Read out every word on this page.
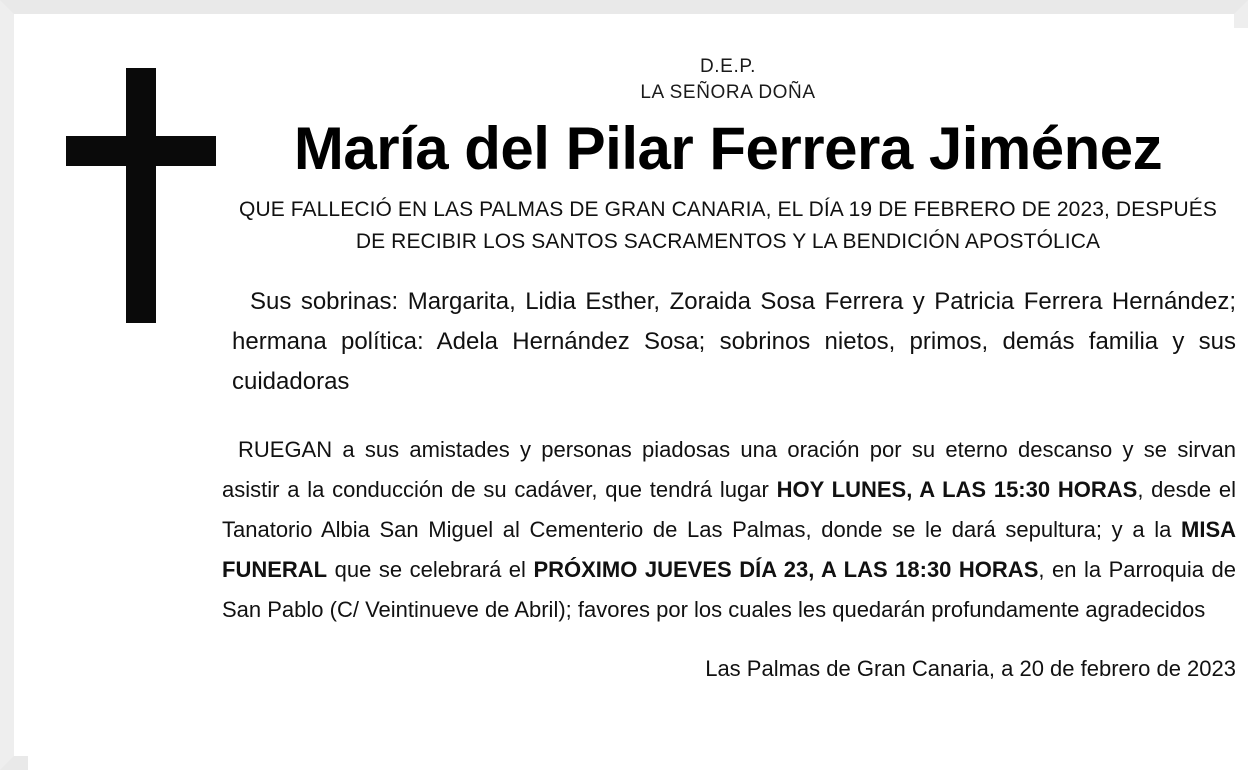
D.E.P.
LA SEÑORA DOÑA
María del Pilar Ferrera Jiménez
QUE FALLECIÓ EN LAS PALMAS DE GRAN CANARIA, EL DÍA 19 DE FEBRERO DE 2023, DESPUÉS DE RECIBIR LOS SANTOS SACRAMENTOS Y LA BENDICIÓN APOSTÓLICA
Sus sobrinas: Margarita, Lidia Esther, Zoraida Sosa Ferrera y Patricia Ferrera Hernández; hermana política: Adela Hernández Sosa; sobrinos nietos, primos, demás familia y sus cuidadoras
RUEGAN a sus amistades y personas piadosas una oración por su eterno descanso y se sirvan asistir a la conducción de su cadáver, que tendrá lugar HOY LUNES, A LAS 15:30 HORAS, desde el Tanatorio Albia San Miguel al Cementerio de Las Palmas, donde se le dará sepultura; y a la MISA FUNERAL que se celebrará el PRÓXIMO JUEVES DÍA 23, A LAS 18:30 HORAS, en la Parroquia de San Pablo (C/ Veintinueve de Abril); favores por los cuales les quedarán profundamente agradecidos
Las Palmas de Gran Canaria, a 20 de febrero de 2023
